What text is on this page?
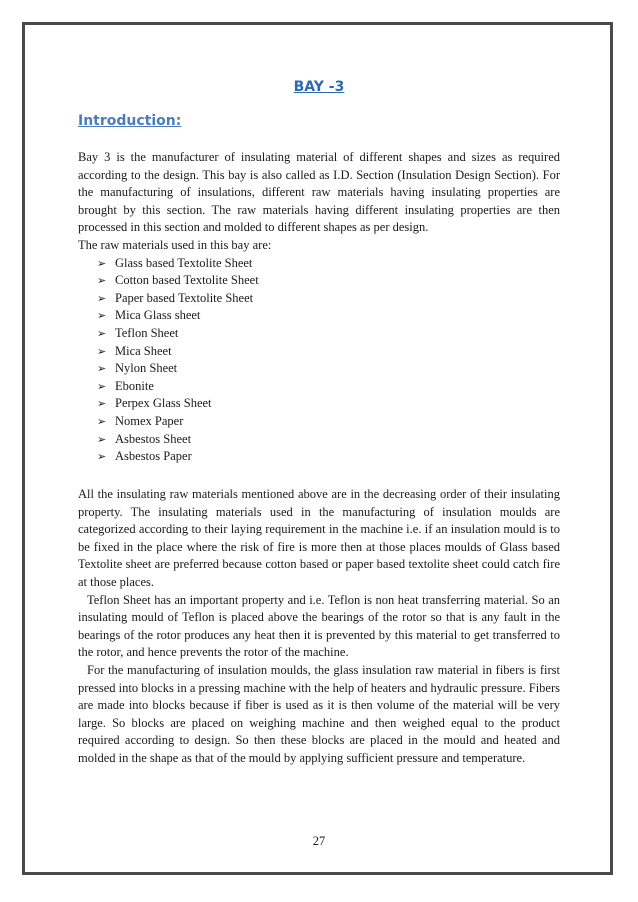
BAY -3
Introduction:

Bay 3 is the manufacturer of insulating material of different shapes and sizes as required according to the design. This bay is also called as I.D. Section (Insulation Design Section). For the manufacturing of insulations, different raw materials having insulating properties are brought by this section. The raw materials having different insulating properties are then processed in this section and molded to different shapes as per design.

The raw materials used in this bay are:

➢ Glass based Textolite Sheet
➢ Cotton based Textolite Sheet
➢ Paper based Textolite Sheet
➢ Mica Glass sheet
➢ Teflon Sheet
➢ Mica Sheet
➢ Nylon Sheet
➢ Ebonite
➢ Perpex Glass Sheet
➢ Nomex Paper
➢ Asbestos Sheet
➢ Asbestos Paper

All the insulating raw materials mentioned above are in the decreasing order of their insulating property. The insulating materials used in the manufacturing of insulation moulds are categorized according to their laying requirement in the machine i.e. if an insulation mould is to be fixed in the place where the risk of fire is more then at those places moulds of Glass based Textolite sheet are preferred because cotton based or paper based textolite sheet could catch fire at those places.

Teflon Sheet has an important property and i.e. Teflon is non heat transferring material. So an insulating mould of Teflon is placed above the bearings of the rotor so that is any fault in the bearings of the rotor produces any heat then it is prevented by this material to get transferred to the rotor, and hence prevents the rotor of the machine.

For the manufacturing of insulation moulds, the glass insulation raw material in fibers is first pressed into blocks in a pressing machine with the help of heaters and hydraulic pressure. Fibers are made into blocks because if fiber is used as it is then volume of the material will be very large. So blocks are placed on weighing machine and then weighed equal to the product required according to design. So then these blocks are placed in the mould and heated and molded in the shape as that of the mould by applying sufficient pressure and temperature.

27
